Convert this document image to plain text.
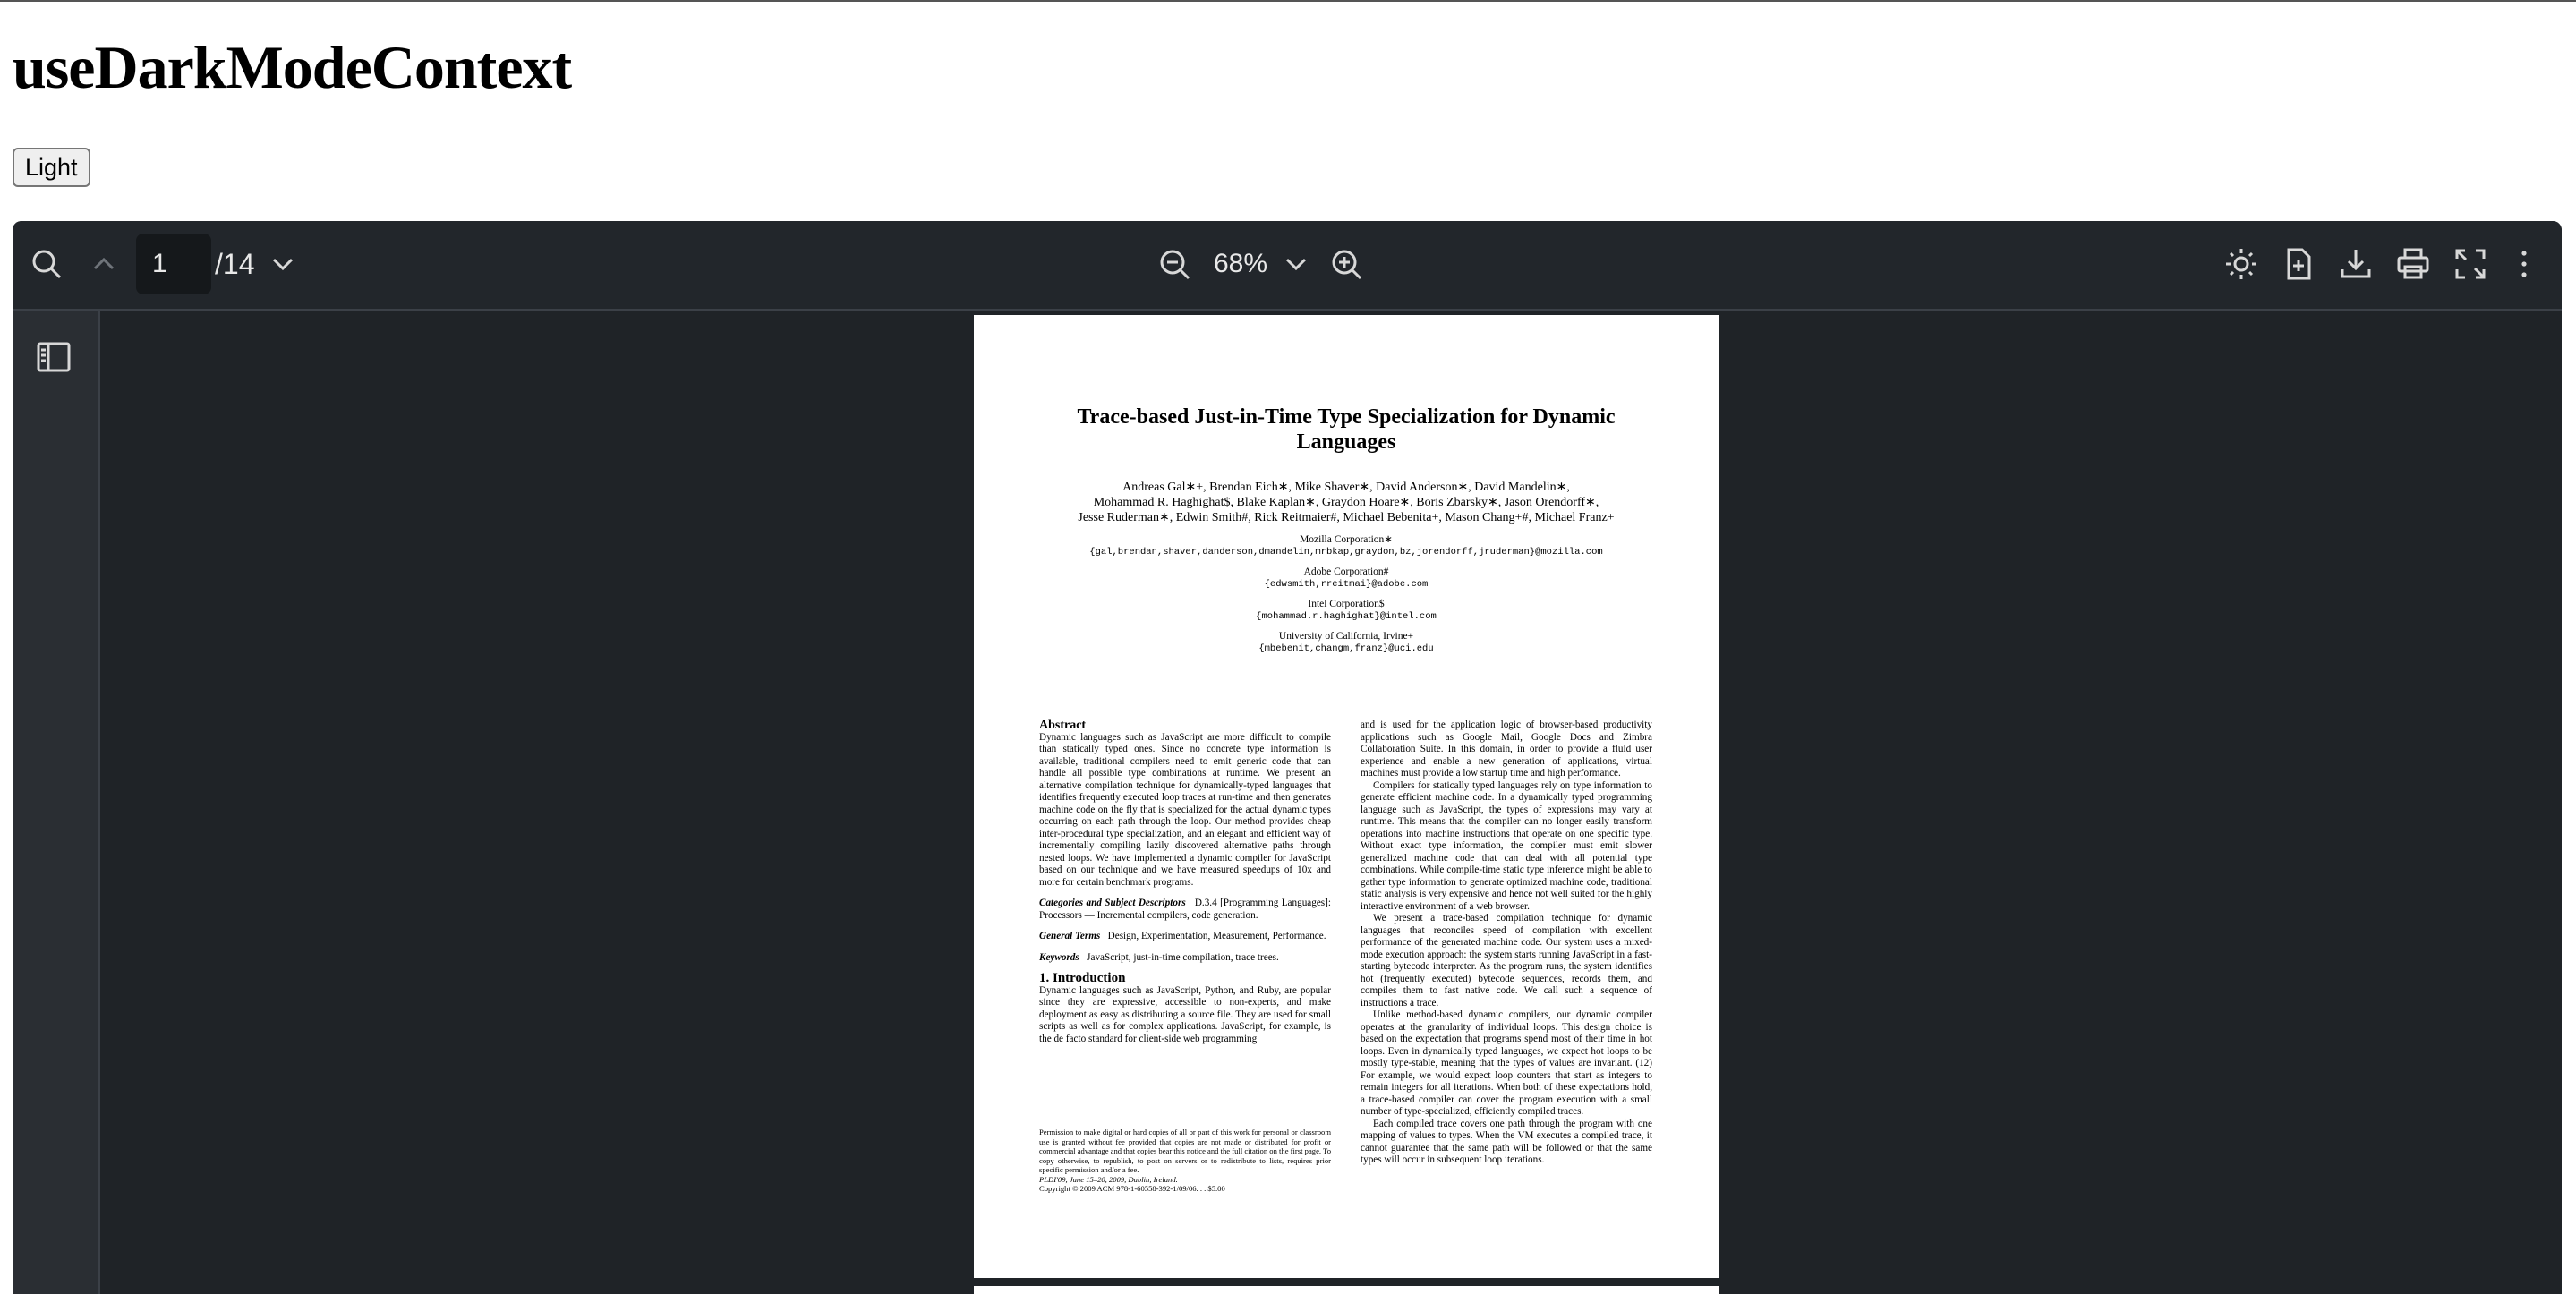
useDarkModeContext
Light
1
/14	68%
Trace-based Just-in-Time Type Specialization for Dynamic Languages
Andreas Gal∗+, Brendan Eich∗, Mike Shaver∗, David Anderson∗, David Mandelin∗,
Mohammad R. Haghighat$, Blake Kaplan∗, Graydon Hoare∗, Boris Zbarsky∗, Jason Orendorff∗,
Jesse Ruderman∗, Edwin Smith#, Rick Reitmaier#, Michael Bebenita+, Mason Chang+#, Michael Franz+
Mozilla Corporation∗
{gal,brendan,shaver,danderson,dmandelin,mrbkap,graydon,bz,jorendorff,jruderman}@mozilla.com
Adobe Corporation#
{edwsmith,rreitmai}@adobe.com
Intel Corporation$
{mohammad.r.haghighat}@intel.com
University of California, Irvine+
{mbebenit,changm,franz}@uci.edu

Abstract

Dynamic languages such as JavaScript are more difficult to compile than statically typed ones. Since no concrete type information is available, traditional compilers need to emit generic code that can handle all possible type combinations at runtime. We present an alternative compilation technique for dynamically-typed languages that identifies frequently executed loop traces at run-time and then generates machine code on the fly that is specialized for the actual dynamic types occurring on each path through the loop. Our method provides cheap inter-procedural type specialization, and an elegant and efficient way of incrementally compiling lazily discovered alternative paths through nested loops. We have implemented a dynamic compiler for JavaScript based on our technique and we have measured speedups of 10x and more for certain benchmark programs.

Categories and Subject Descriptors D.3.4 [Programming Languages]: Processors — Incremental compilers, code generation.

General Terms Design, Experimentation, Measurement, Performance.

Keywords JavaScript, just-in-time compilation, trace trees.

1. Introduction

Dynamic languages such as JavaScript, Python, and Ruby, are popular since they are expressive, accessible to non-experts, and make deployment as easy as distributing a source file. They are used for small scripts as well as for complex applications. JavaScript, for example, is the de facto standard for client-side web programming

Permission to make digital or hard copies of all or part of this work for personal or classroom use is granted without fee provided that copies are not made or distributed for profit or commercial advantage and that copies bear this notice and the full citation on the first page. To copy otherwise, to republish, to post on servers or to redistribute to lists, requires prior specific permission and/or a fee.
PLDI'09, June 15–20, 2009, Dublin, Ireland.
Copyright © 2009 ACM 978-1-60558-392-1/09/06. . . $5.00

and is used for the application logic of browser-based productivity applications such as Google Mail, Google Docs and Zimbra Collaboration Suite. In this domain, in order to provide a fluid user experience and enable a new generation of applications, virtual machines must provide a low startup time and high performance.

Compilers for statically typed languages rely on type information to generate efficient machine code. In a dynamically typed programming language such as JavaScript, the types of expressions may vary at runtime. This means that the compiler can no longer easily transform operations into machine instructions that operate on one specific type. Without exact type information, the compiler must emit slower generalized machine code that can deal with all potential type combinations. While compile-time static type inference might be able to gather type information to generate optimized machine code, traditional static analysis is very expensive and hence not well suited for the highly interactive environment of a web browser.

We present a trace-based compilation technique for dynamic languages that reconciles speed of compilation with excellent performance of the generated machine code. Our system uses a mixed-mode execution approach: the system starts running JavaScript in a fast-starting bytecode interpreter. As the program runs, the system identifies hot (frequently executed) bytecode sequences, records them, and compiles them to fast native code. We call such a sequence of instructions a trace.

Unlike method-based dynamic compilers, our dynamic compiler operates at the granularity of individual loops. This design choice is based on the expectation that programs spend most of their time in hot loops. Even in dynamically typed languages, we expect hot loops to be mostly type-stable, meaning that the types of values are invariant. (12) For example, we would expect loop counters that start as integers to remain integers for all iterations. When both of these expectations hold, a trace-based compiler can cover the program execution with a small number of type-specialized, efficiently compiled traces.

Each compiled trace covers one path through the program with one mapping of values to types. When the VM executes a compiled trace, it cannot guarantee that the same path will be followed or that the same types will occur in subsequent loop iterations.
